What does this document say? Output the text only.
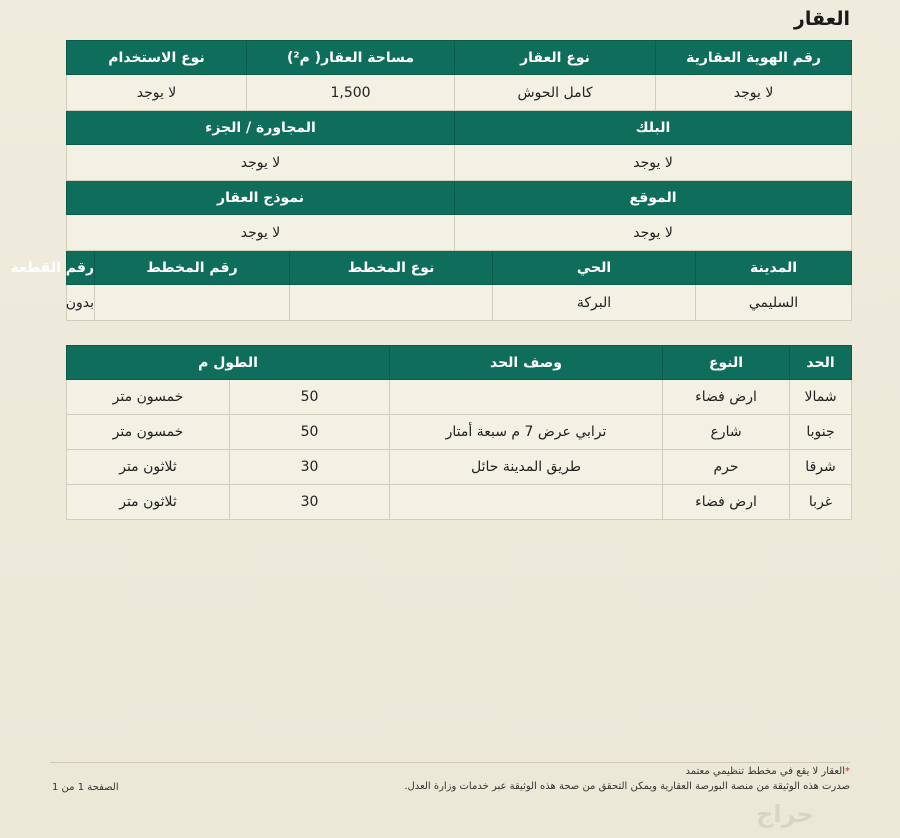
العقار
رقم الهوية العقارية		نوع العقار		مساحة العقار( م²)		نوع الاستخدام	
لا يوجد		كامل الحوش		1,500		لا يوجد	
البلك				المجاورة / الجزء			
لا يوجد				لا يوجد			
الموقع				نموذج العقار			
لا يوجد				لا يوجد			
المدينة	الحي		نوع المخطط		رقم المخطط		رقم القطعة
السليمي	البركة						بدون
الحد	النوع	وصف الحد	الطول م	
شمالا	ارض فضاء		50	خمسون متر
جنوبا	شارع	ترابي عرض 7 م سبعة أمتار	50	خمسون متر
شرقا	حرم	طريق المدينة حائل	30	ثلاثون متر
غربا	ارض فضاء		30	ثلاثون متر
*العقار لا يقع في مخطط تنظيمي معتمد
صدرت هذه الوثيقة من منصة البورصة العقارية ويمكن التحقق من صحة هذه الوثيقة عبر خدمات وزارة العدل.
الصفحة 1 من 1
حراج
